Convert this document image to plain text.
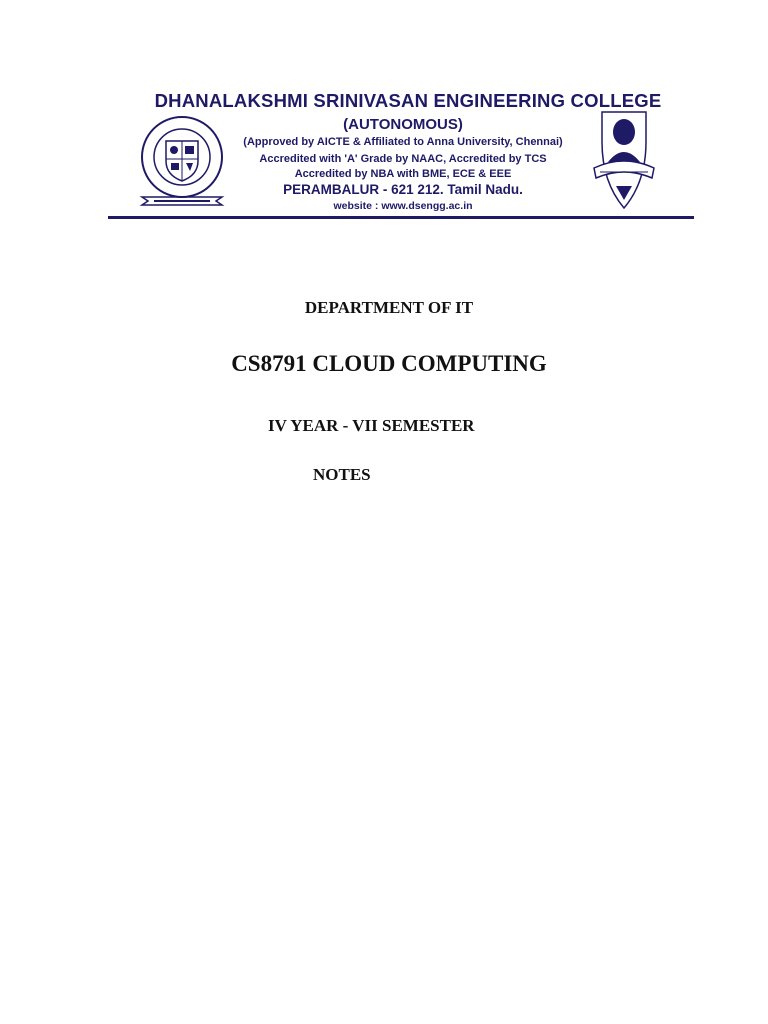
DHANALAKSHMI SRINIVASAN ENGINEERING COLLEGE
(AUTONOMOUS)
(Approved by AICTE & Affiliated to Anna University, Chennai)
Accredited with 'A' Grade by NAAC, Accredited by TCS
Accredited by NBA with BME, ECE & EEE
PERAMBALUR - 621 212. Tamil Nadu.
website : www.dsengg.ac.in
DEPARTMENT OF IT
CS8791 CLOUD COMPUTING
IV YEAR - VII SEMESTER
NOTES
